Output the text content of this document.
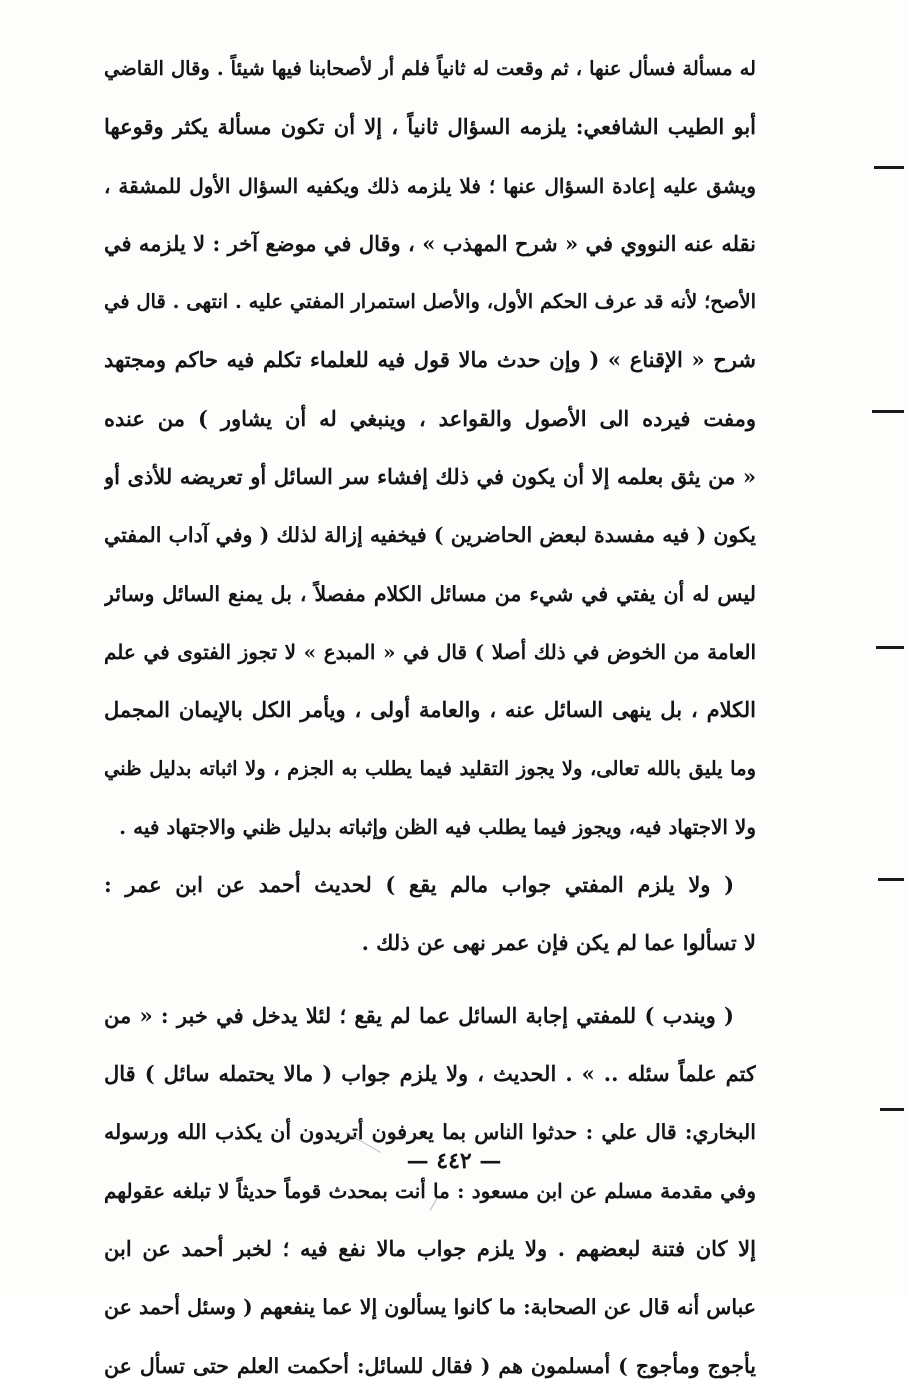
له مسألة فسأل عنها ، ثم وقعت له ثانياً فلم أر لأصحابنا فيها شيئاً . وقال القاضي
أبو الطيب الشافعي: يلزمه السؤال ثانياً ، إلا أن تكون مسألة يكثر وقوعها
ويشق عليه إعادة السؤال عنها ؛ فلا يلزمه ذلك ويكفيه السؤال الأول للمشقة ،
نقله عنه النووي في « شرح المهذب » ، وقال في موضع آخر : لا يلزمه في
الأصح؛ لأنه قد عرف الحكم الأول، والأصل استمرار المفتي عليه . انتهى . قال في
شرح « الإقناع » ( وإن حدث مالا قول فيه للعلماء تكلم فيه حاكم ومجتهد
ومفت فيرده الى الأصول والقواعد ، وينبغي له أن يشاور ) من عنده
« من يثق بعلمه إلا أن يكون في ذلك إفشاء سر السائل أو تعريضه للأذى أو
يكون ( فيه مفسدة لبعض الحاضرين ) فيخفيه إزالة لذلك ( وفي آداب المفتي
ليس له أن يفتي في شيء من مسائل الكلام مفصلاً ، بل يمنع السائل وسائر
العامة من الخوض في ذلك أصلا ) قال في « المبدع » لا تجوز الفتوى في علم
الكلام ، بل ينهى السائل عنه ، والعامة أولى ، ويأمر الكل بالإيمان المجمل
وما يليق بالله تعالى، ولا يجوز التقليد فيما يطلب به الجزم ، ولا اثباته بدليل ظني
ولا الاجتهاد فيه، ويجوز فيما يطلب فيه الظن وإثباته بدليل ظني والاجتهاد فيه .
( ولا يلزم المفتي جواب مالم يقع ) لحديث أحمد عن ابن عمر :
لا تسألوا عما لم يكن فإن عمر نهى عن ذلك .
( ويندب ) للمفتي إجابة السائل عما لم يقع ؛ لئلا يدخل في خبر : « من
كتم علماً سئله .. » . الحديث ، ولا يلزم جواب ( مالا يحتمله سائل ) قال
البخاري: قال علي : حدثوا الناس بما يعرفون أتريدون أن يكذب الله ورسوله
وفي مقدمة مسلم عن ابن مسعود : ما أنت بمحدث قوماً حديثاً لا تبلغه عقولهم
إلا كان فتنة لبعضهم . ولا يلزم جواب مالا نفع فيه ؛ لخبر أحمد عن ابن
عباس أنه قال عن الصحابة: ما كانوا يسألون إلا عما ينفعهم ( وسئل أحمد عن
يأجوج ومأجوج ) أمسلمون هم ( فقال للسائل: أحكمت العلم حتى تسأل عن
— ٤٤٢ —
